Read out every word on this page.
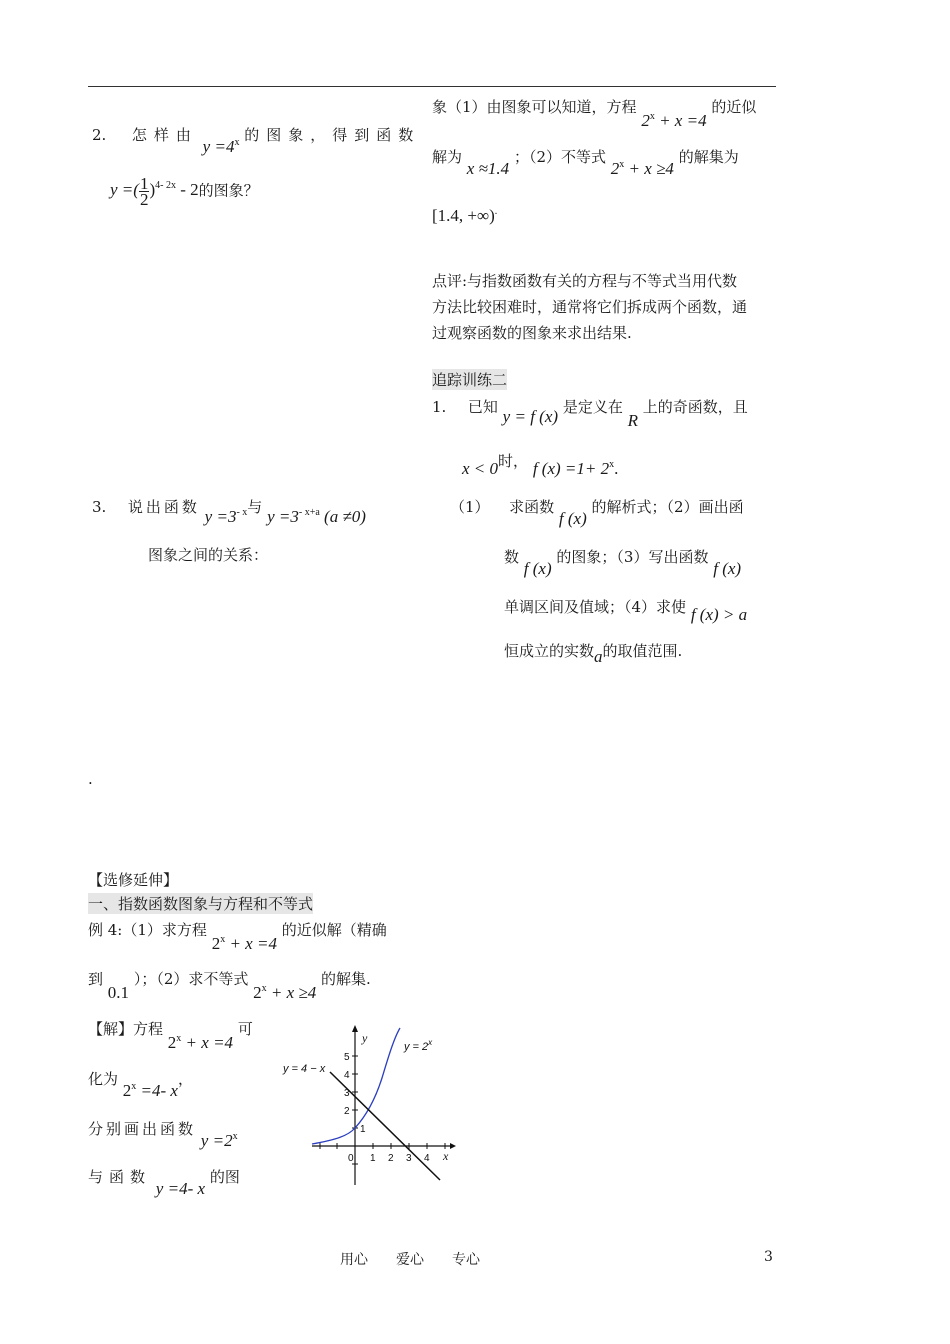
2. 怎样由 $y =4^x$ 的图象，得到函数
y =( $\frac{1}{2} )^{4- 2x} - 2$的图象？
3. 说出函数 $y =3^{- x}$与 $y =3^{- x+a}$ (a ≠0)
图象之间的关系：
.
象（1）由图象可以知道，方程 $2^x + x =4$ 的近似
解为 x ≈1.4 ；（2）不等式 $2^x + x \ge 4$ 的解集为
[1.4, +∞).
点评:与指数函数有关的方程与不等式当用代数
方法比较困难时，通常将它们拆成两个函数，通
过观察函数的图象来求出结果.
追踪训练二
1. 已知 y = f (x) 是定义在 R 上的奇函数，且
x < 0时， f $(x) =1+ 2^x$.
（1） 求函数 f (x) 的解析式；（2）画出函
数 f (x) 的图象；（3）写出函数 f (x)
单调区间及值域；（4）求使 f (x) > a
恒成立的实数a的取值范围.
【选修延伸】
一、指数函数图象与方程和不等式
例 4:（1）求方程 $2^x + x =4$ 的近似解（精确
到 0.1 ）；（2）求不等式 $2^x + x \ge 4$ 的解集.
【解】方程 $2^x + x =4$ 可
化为 $2^x =4-$ x，
分别画出函数 $y =2^x$
与函数 y =4- x 的图
$y = 2^x$
y = 4 − x
y
x
0 1 2 3 4
1
2
3
4
5
用心　　爱心　　专心	3
